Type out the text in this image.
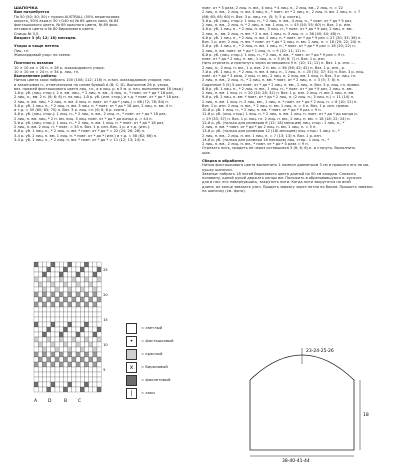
ШАПОЧКА
Вам потребуется
По 50 (50; 50; 50) г пряжи AUSTRALL (50% мериносовая
шерсть, 50% акрил; 50 г/140 м) № 65 цвета хаки, № 84
фисташкового цвета, № 69 красного цвета, № 89 фио-
летового цвета и № 80 бирюзового цвета.
Спицы № 3,5.
Возраст 3 (6; 12; 18) месяцев.
Узоры и чаще петель
Лиц. гл.
Жаккардовый узор: по схеме.
Плотность вязания
10 × 10 см = 26 п. × 28 р. жаккардового узора.
10 × 10 см = 24 п. × 34 р. лиц. гл.
Выполнение работы
Нитью цвета хаки набрать 100 (108; 112; 116) п. и вяз. жаккардовым узором, нач.
и заканчивая п., отмеченными на схеме буквой А (B; C; D). Выполнив 26 р. узора,
вяз. пряжей фисташкового цвета лиц. гл., а в лиц. р. в 5 м. р. нач. выполнения 18 (мод.)
1-й р. уб. (лиц. стор.): 2 п. вм. лиц., * 2 лиц. п. вм., 4 лиц. п., * повт. от * до * 18 раз,
2 лиц. п., вм. 2 п. (6; 6; 6) п. на лиц. 1-й р. уб. (изн. стор.) и т.д. * повт. от * до * 18 раз,
2 лиц. п. вм. лиц. * 2 лиц. п. вм. 4 лиц. п. повт. от * до * (лиц.) = 66 (72; 78; 84) п.
3-й р. уб. 1 лиц. п., * 2 лиц. п. вм. 3 лиц. п. * повт. от * до * 18 раз, 2 лиц. п. вм. 4 п.
и т.д. = 55 (60; 65; 70) п. Вяз. 3 р. лиц. гл. (6; 6; 8 р. соотв.)
4-й р. уб. (лиц. стор.): 1 лиц. п., * 2 лиц. п. вм., 2 лиц. п., * повт. от * до * 18 раз,
2 лиц. п. вм. лиц. * 2 п. вм. лиц. 3 лиц. повт. от * до * до конца р. = 44 п.
5-й р. уб. (лиц. стор.): 1 лиц. п., * 2 лиц. п. вм. 1 лиц. п. * повт. от * до * 18 раз,
2 лиц. п. вм. 2 лиц. п. * повт. = 33 п. Вяз. 1 р. изн. Вяз. 1 р. и т.д. (изн.).
6-й р. уб. 1 лиц. п., * 2 лиц. п. вм. * повт. от * до * = 22 (24; 26; 28) п.
3-4 р. уб. 2 лиц. п. вм. 1 лиц. п. * повт. от * до * (изн.) и т.д. = 58 (62; 66) п.
3-4 р. уб. 1 лиц. п., * 2 лиц. п. вм. * повт. от * до * = 11 (12; 13; 14) п.
повт. от * 3 раза, 2 лиц. п. вм., 4 лиц. * 4 лиц. п., 2 лиц. вм., 2 лиц. п. = 22
2 лиц. п. вм., 2 лиц. п. вм. 4 лиц. п., * повт. от * 2 лиц. п., 2 лиц. п. вм. 1 лиц. п. = 7
(66; 60; 65; 60) п. Вяз. 3 р. лиц. гл. (5; 5; 5 р. соотв.).
3-й р. уб. (лиц. стор.): 1 лиц. п., * 2 лиц. п. вм., 4 лиц. п., * повт. от * до * 9 раз,
2 лиц. п. вм., 2 лиц. п. * 2 лиц. п. вм. 1 лиц. п. = 45 (50; 55; 60) п. Вяз. 1 р. изн.
3-й р. уб. 1 лиц. п., * 2 лиц. п. вм., 3 лиц. п., * повт. от * до * 9 раз, 2 лиц. п. вм.
2 лиц. п., вм. 2 лиц. п. вм. * 2 п. вм. 1 лиц. п. 3 лиц. п. = 36 (40; 44; 48) п.
4-й р. уб. 1 лиц. п., * 2 лиц. п. вм. 2 лиц. п. * повт. от * до * 9 раз = 27 (30; 33; 36) п.
Вяз. 1 р. изн. 2 лиц. п. вм. * повт. от * до * 2 лиц. п. вм. 1 лиц. п. = 18 (20; 22; 24) п.
5-й р. уб. 1 лиц. п., * 2 лиц. п. вм. 1 лиц. п., * повт. от * до * 9 раз = 18 (20; 22) п.
2 лиц. п. вм. повт. от * до * 1 лиц. п. = 9 (10; 11; 12) п.
6-й р. уб. (лиц. стор.): 1 лиц. п., * 2 лиц. п. вм., * повт. от * до * 9 раз = 9 п.
повт. от * до * 2 лиц. п. вм., 1 лиц. п. = 5 (6; 6; 7) п. Вяз. 1 р. изн.
Нить отрезать и протянуть через оставшиеся 9 п. (10; 11; 12) п. Вяз. 1 р. изн. ...
2 лиц. п., 2 лиц. п. вм., 1 р. вяз. 2 п. вм. = 36 (36; 42; 42) п. Вяз. 1 р. изн., р.
7-й р. уб. 1 лиц. п., * 2 лиц. п. вм. 4 лиц. п., 1 лиц. п. = 25 (31; 37; 41) п. Вяз. 3 р. лиц.
повт. от * до * 3 раза, 2 лиц. п. вм., 2 лиц. п. 2 лиц. вм. 1 лиц. п. Вяз. 3 р. лиц. гл.
2 лиц. п. вм., 2 лиц. п., * 2 лиц. п. вм. * повт. от * 2 лиц. п. = 3 (5; 7; 8) п.
Сиденные 3 (5) 5 раз повт. от * до * 2 лиц. п. вм., 1 лиц. п. Вяз. 3 р. лиц. гл. прямо.
8-й р. уб. 1 лиц. п., * 2 лиц. п. вм., 1 лиц. п., * повт. от * до * 9 раз, 2 лиц. п. вм.
2 лиц. п. вм. 1 лиц. п. = 20 (24; 28; 32) п. Вяз. 1 р. изн. 2 лиц. п. вм. 2 лиц. п. вм.
9-й р. уб. 2 лиц. п. вм. * повт. от * до * 2 лиц. п. (2 лиц. п.; 3 лиц. п.) = 11 (14) п.
2 лиц. п. вм. 1 лиц. п. 2 лиц. вм., 1 лиц. п. * повт. от * до * 2 лиц. п. = 8 (10; 12) п.
Вяз. 1 р. изн. 2 лиц. п. вм., * 2 лиц. п. вм. 1 лиц. п. = 4 п. Вяз. 1 р. изн. прямо.
10-й р. уб. 1 лиц. п., * 2 лиц. п. вм. * повт. от * до * 9 раз = 9 п.
11-й р. уб. (лиц. стор.) 1 лиц. п. * 2 лиц. п. вм. 1 лиц. п. повт. от * до * до конца р.
= 29 (33; 37) п. Вяз. 1 р. лиц. гл. 2 лиц. п. вм., 2 лиц. п. вм. = 18 (18; 22; 24) п.
12-й р. уб. (только для размеров 6 (12; 18) месяцев) лиц. стор.: 1 лиц. п., *
2 лиц. п. вм. * повт. от * до * до 2 лиц. п. вм. 1 лиц. п. = 5 п.
13-й р. уб. (только для размеров 12 (18) месяцев) лиц. стор.: 1 лиц. п., *
2 лиц. п. вм., 2 лиц. п. вм. 1 лиц. п. = 7 (13; 13) п. Вяз. 1 р. изн.
14-й р. уб. (только для размера 18 месяцев) лиц. стор.: 1 лиц. п., *
2 лиц. п. вм., 2 лиц. п. вм., * повт. от * до * 4 раза = 9 п.
Отрезать нить, продеть ее через оставшиеся 5 (6; 6; 6) п. и стянуть. Выполнить
шов.
Сборка и обработка
Нитью фисташкового цвета выполнить 1 помпон диаметром 3 см и пришить его на ма-
кушку шапочки.
Завязки: набрать 18 нитей бирюзового цвета длиной по 50 см каждая. Сложить
половину, одной рукой держать концы вм. Положить в образовавшуюся п. кусочек
для в нач. его повернувшись, закрутить нити. Когда нити закрутятся по всей
длине, их конце завязать узел. Продеть завязку через петли по бокам. Пришить завязки
на шапочку (см. фото).
25
20
15
10
5
A D	B C
= светлый
•	= фисташковый
= красный
x	= бирюзовый
= фиолетовый
|	= хаки
23-24-25-26
18
38-40-41-44
